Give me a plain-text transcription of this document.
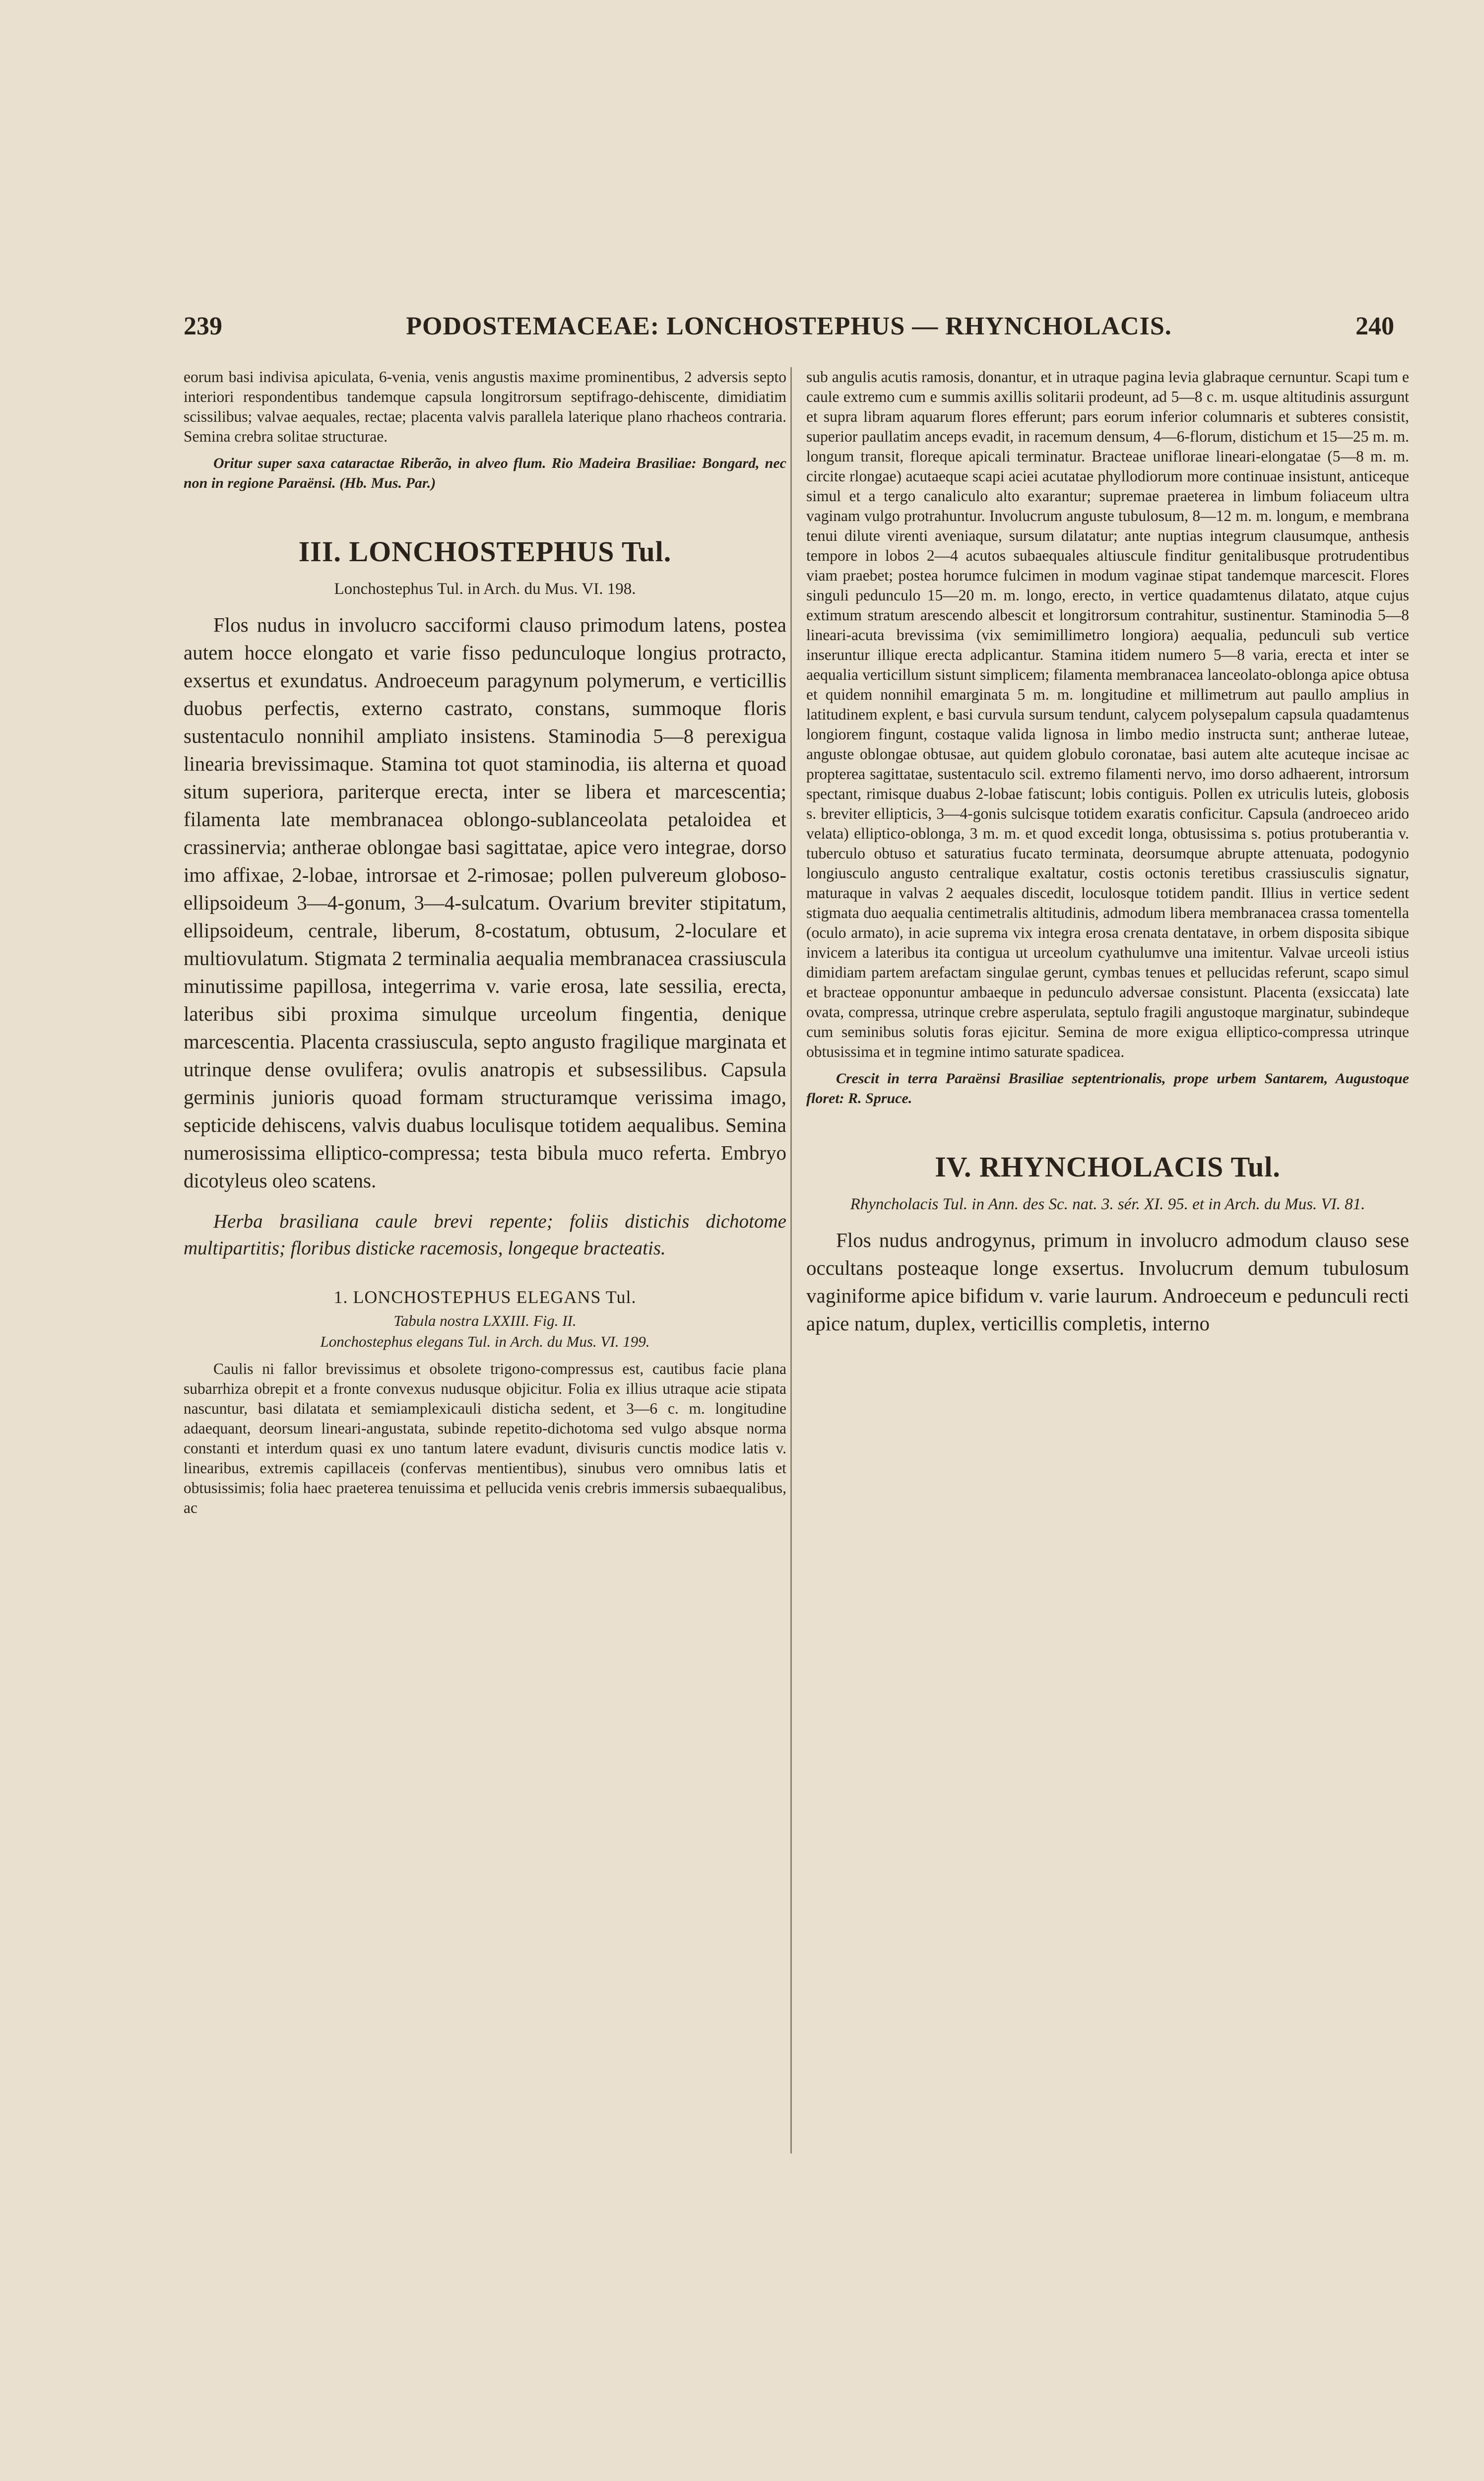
239	PODOSTEMACEAE: LONCHOSTEPHUS — RHYNCHOLACIS.	240

eorum basi indivisa apiculata, 6-venia, venis angustis maxime prominentibus, 2 adversis septo interiori respondentibus tandemque capsula longitrorsum septifrago-dehiscente, dimidiatim scissilibus; valvae aequales, rectae; placenta valvis parallela laterique plano rhacheos contraria. Semina crebra solitae structurae.

Oritur super saxa cataractae Riberão, in alveo flum. Rio Madeira Brasiliae: Bongard, nec non in regione Paraënsi. (Hb. Mus. Par.)

III. LONCHOSTEPHUS Tul.
Lonchostephus Tul. in Arch. du Mus. VI. 198.

Flos nudus in involucro sacciformi clauso primodum latens, postea autem hocce elongato et varie fisso pedunculoque longius protracto, exsertus et exundatus. Androeceum paragynum polymerum, e verticillis duobus perfectis, externo castrato, constans, summoque floris sustentaculo nonnihil ampliato insistens. Staminodia 5—8 perexigua linearia brevissimaque. Stamina tot quot staminodia, iis alterna et quoad situm superiora, pariterque erecta, inter se libera et marcescentia; filamenta late membranacea oblongo-sublanceolata petaloidea et crassinervia; antherae oblongae basi sagittatae, apice vero integrae, dorso imo affixae, 2-lobae, introrsae et 2-rimosae; pollen pulvereum globoso-ellipsoideum 3—4-gonum, 3—4-sulcatum. Ovarium breviter stipitatum, ellipsoideum, centrale, liberum, 8-costatum, obtusum, 2-loculare et multiovulatum. Stigmata 2 terminalia aequalia membranacea crassiuscula minutissime papillosa, integerrima v. varie erosa, late sessilia, erecta, lateribus sibi proxima simulque urceolum fingentia, denique marcescentia. Placenta crassiuscula, septo angusto fragilique marginata et utrinque dense ovulifera; ovulis anatropis et subsessilibus. Capsula germinis junioris quoad formam structuramque verissima imago, septicide dehiscens, valvis duabus loculisque totidem aequalibus. Semina numerosissima elliptico-compressa; testa bibula muco referta. Embryo dicotyleus oleo scatens.

Herba brasiliana caule brevi repente; foliis distichis dichotome multipartitis; floribus disticke racemosis, longeque bracteatis.

1. LONCHOSTEPHUS ELEGANS Tul.
Tabula nostra LXXIII. Fig. II.
Lonchostephus elegans Tul. in Arch. du Mus. VI. 199.

Caulis ni fallor brevissimus et obsolete trigono-compressus est, cautibus facie plana subarrhiza obrepit et a fronte convexus nudusque objicitur. Folia ex illius utraque acie stipata nascuntur, basi dilatata et semiamplexicauli disticha sedent, et 3—6 c. m. longitudine adaequant, deorsum lineari-angustata, subinde repetito-dichotoma sed vulgo absque norma constanti et interdum quasi ex uno tantum latere evadunt, divisuris cunctis modice latis v. linearibus, extremis capillaceis (confervas mentientibus), sinubus vero omnibus latis et obtusissimis; folia haec praeterea tenuissima et pellucida venis crebris immersis subaequalibus, ac

sub angulis acutis ramosis, donantur, et in utraque pagina levia glabraque cernuntur. Scapi tum e caule extremo cum e summis axillis solitarii prodeunt, ad 5—8 c. m. usque altitudinis assurgunt et supra libram aquarum flores efferunt; pars eorum inferior columnaris et subteres consistit, superior paullatim anceps evadit, in racemum densum, 4—6-florum, distichum et 15—25 m. m. longum transit, floreque apicali terminatur. Bracteae uniflorae lineari-elongatae (5—8 m. m. circite rlongae) acutaeque scapi aciei acutatae phyllodiorum more continuae insistunt, anticeque simul et a tergo canaliculo alto exarantur; supremae praeterea in limbum foliaceum ultra vaginam vulgo protrahuntur. Involucrum anguste tubulosum, 8—12 m. m. longum, e membrana tenui dilute virenti aveniaque, sursum dilatatur; ante nuptias integrum clausumque, anthesis tempore in lobos 2—4 acutos subaequales altiuscule finditur genitalibusque protrudentibus viam praebet; postea horumce fulcimen in modum vaginae stipat tandemque marcescit. Flores singuli pedunculo 15—20 m. m. longo, erecto, in vertice quadamtenus dilatato, atque cujus extimum stratum arescendo albescit et longitrorsum contrahitur, sustinentur. Staminodia 5—8 lineari-acuta brevissima (vix semimillimetro longiora) aequalia, pedunculi sub vertice inseruntur illique erecta adplicantur. Stamina itidem numero 5—8 varia, erecta et inter se aequalia verticillum sistunt simplicem; filamenta membranacea lanceolato-oblonga apice obtusa et quidem nonnihil emarginata 5 m. m. longitudine et millimetrum aut paullo amplius in latitudinem explent, e basi curvula sursum tendunt, calycem polysepalum capsula quadamtenus longiorem fingunt, costaque valida lignosa in limbo medio instructa sunt; antherae luteae, anguste oblongae obtusae, aut quidem globulo coronatae, basi autem alte acuteque incisae ac propterea sagittatae, sustentaculo scil. extremo filamenti nervo, imo dorso adhaerent, introrsum spectant, rimisque duabus 2-lobae fatiscunt; lobis contiguis. Pollen ex utriculis luteis, globosis s. breviter ellipticis, 3—4-gonis sulcisque totidem exaratis conficitur. Capsula (androeceo arido velata) elliptico-oblonga, 3 m. m. et quod excedit longa, obtusissima s. potius protuberantia v. tuberculo obtuso et saturatius fucato terminata, deorsumque abrupte attenuata, podogynio longiusculo angusto centralique exaltatur, costis octonis teretibus crassiusculis signatur, maturaque in valvas 2 aequales discedit, loculosque totidem pandit. Illius in vertice sedent stigmata duo aequalia centimetralis altitudinis, admodum libera membranacea crassa tomentella (oculo armato), in acie suprema vix integra erosa crenata dentatave, in orbem disposita sibique invicem a lateribus ita contigua ut urceolum cyathulumve una imitentur. Valvae urceoli istius dimidiam partem arefactam singulae gerunt, cymbas tenues et pellucidas referunt, scapo simul et bracteae opponuntur ambaeque in pedunculo adversae consistunt. Placenta (exsiccata) late ovata, compressa, utrinque crebre asperulata, septulo fragili angustoque marginatur, subindeque cum seminibus solutis foras ejicitur. Semina de more exigua elliptico-compressa utrinque obtusissima et in tegmine intimo saturate spadicea.

Crescit in terra Paraënsi Brasiliae septentrionalis, prope urbem Santarem, Augustoque floret: R. Spruce.

IV. RHYNCHOLACIS Tul.
Rhyncholacis Tul. in Ann. des Sc. nat. 3. sér. XI. 95. et in Arch. du Mus. VI. 81.

Flos nudus androgynus, primum in involucro admodum clauso sese occultans posteaque longe exsertus. Involucrum demum tubulosum vaginiforme apice bifidum v. varie laurum. Androeceum e pedunculi recti apice natum, duplex, verticillis completis, interno
